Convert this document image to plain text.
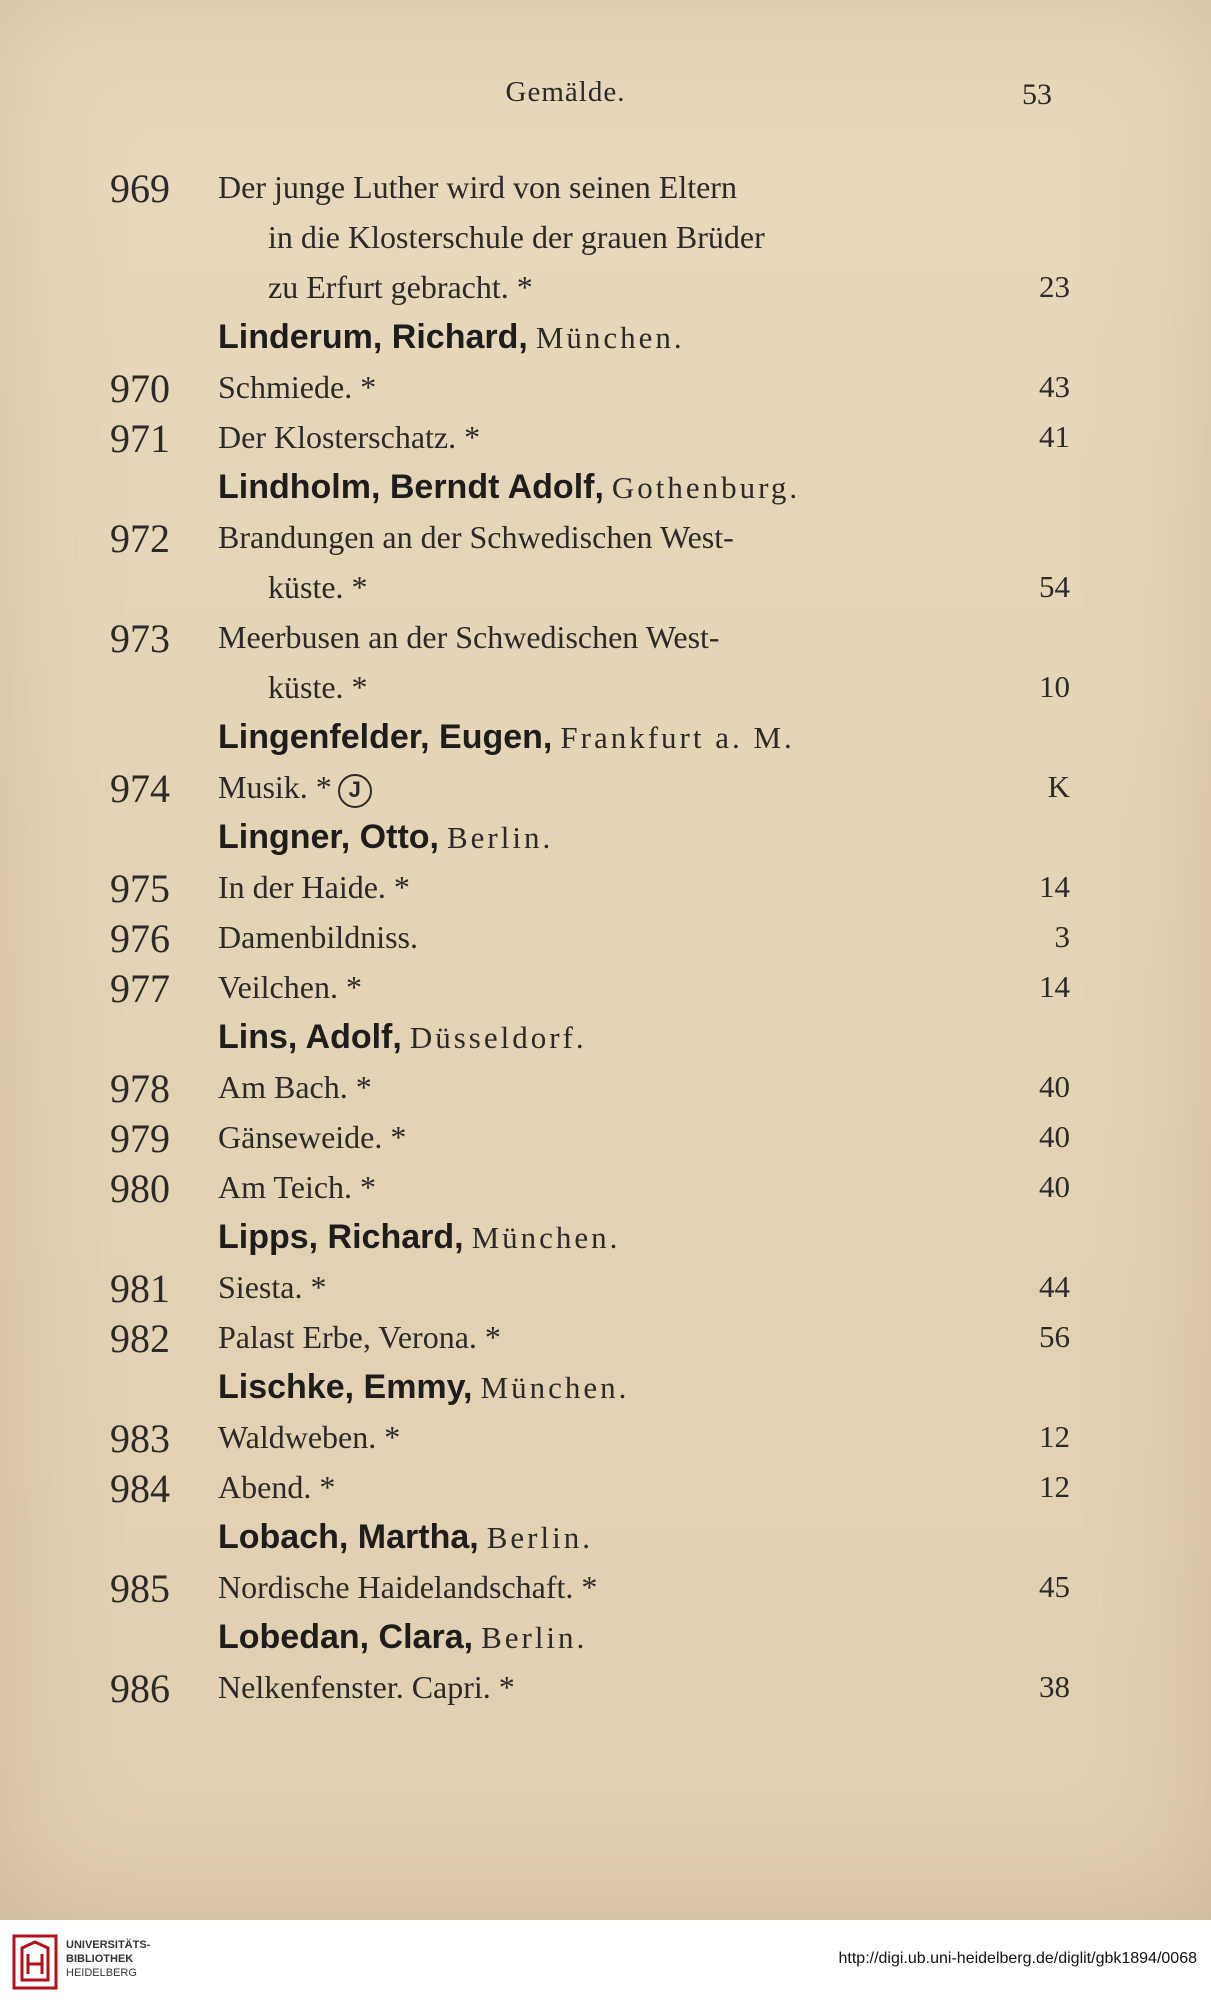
Gemälde.	53
969 Der junge Luther wird von seinen Eltern
in die Klosterschule der grauen Brüder
zu Erfurt gebracht. *	23
Linderum, Richard, München.
970 Schmiede. *	43
971 Der Klosterschatz. *	41
Lindholm, Berndt Adolf, Gothenburg.
972 Brandungen an der Schwedischen West-
küste. *	54
973 Meerbusen an der Schwedischen West-
küste. *	10
Lingenfelder, Eugen, Frankfurt a. M.
974 Musik. * J	K
Lingner, Otto, Berlin.
975 In der Haide. *	14
976 Damenbildniss.	3
977 Veilchen. *	14
Lins, Adolf, Düsseldorf.
978 Am Bach. *	40
979 Gänseweide. *	40
980 Am Teich. *	40
Lipps, Richard, München.
981 Siesta. *	44
982 Palast Erbe, Verona. *	56
Lischke, Emmy, München.
983 Waldweben. *	12
984 Abend. *	12
Lobach, Martha, Berlin.
985 Nordische Haidelandschaft. *	45
Lobedan, Clara, Berlin.
986 Nelkenfenster. Capri. *	38
UNIVERSITÄTS-
BIBLIOTHEK
HEIDELBERG
http://digi.ub.uni-heidelberg.de/diglit/gbk1894/0068
